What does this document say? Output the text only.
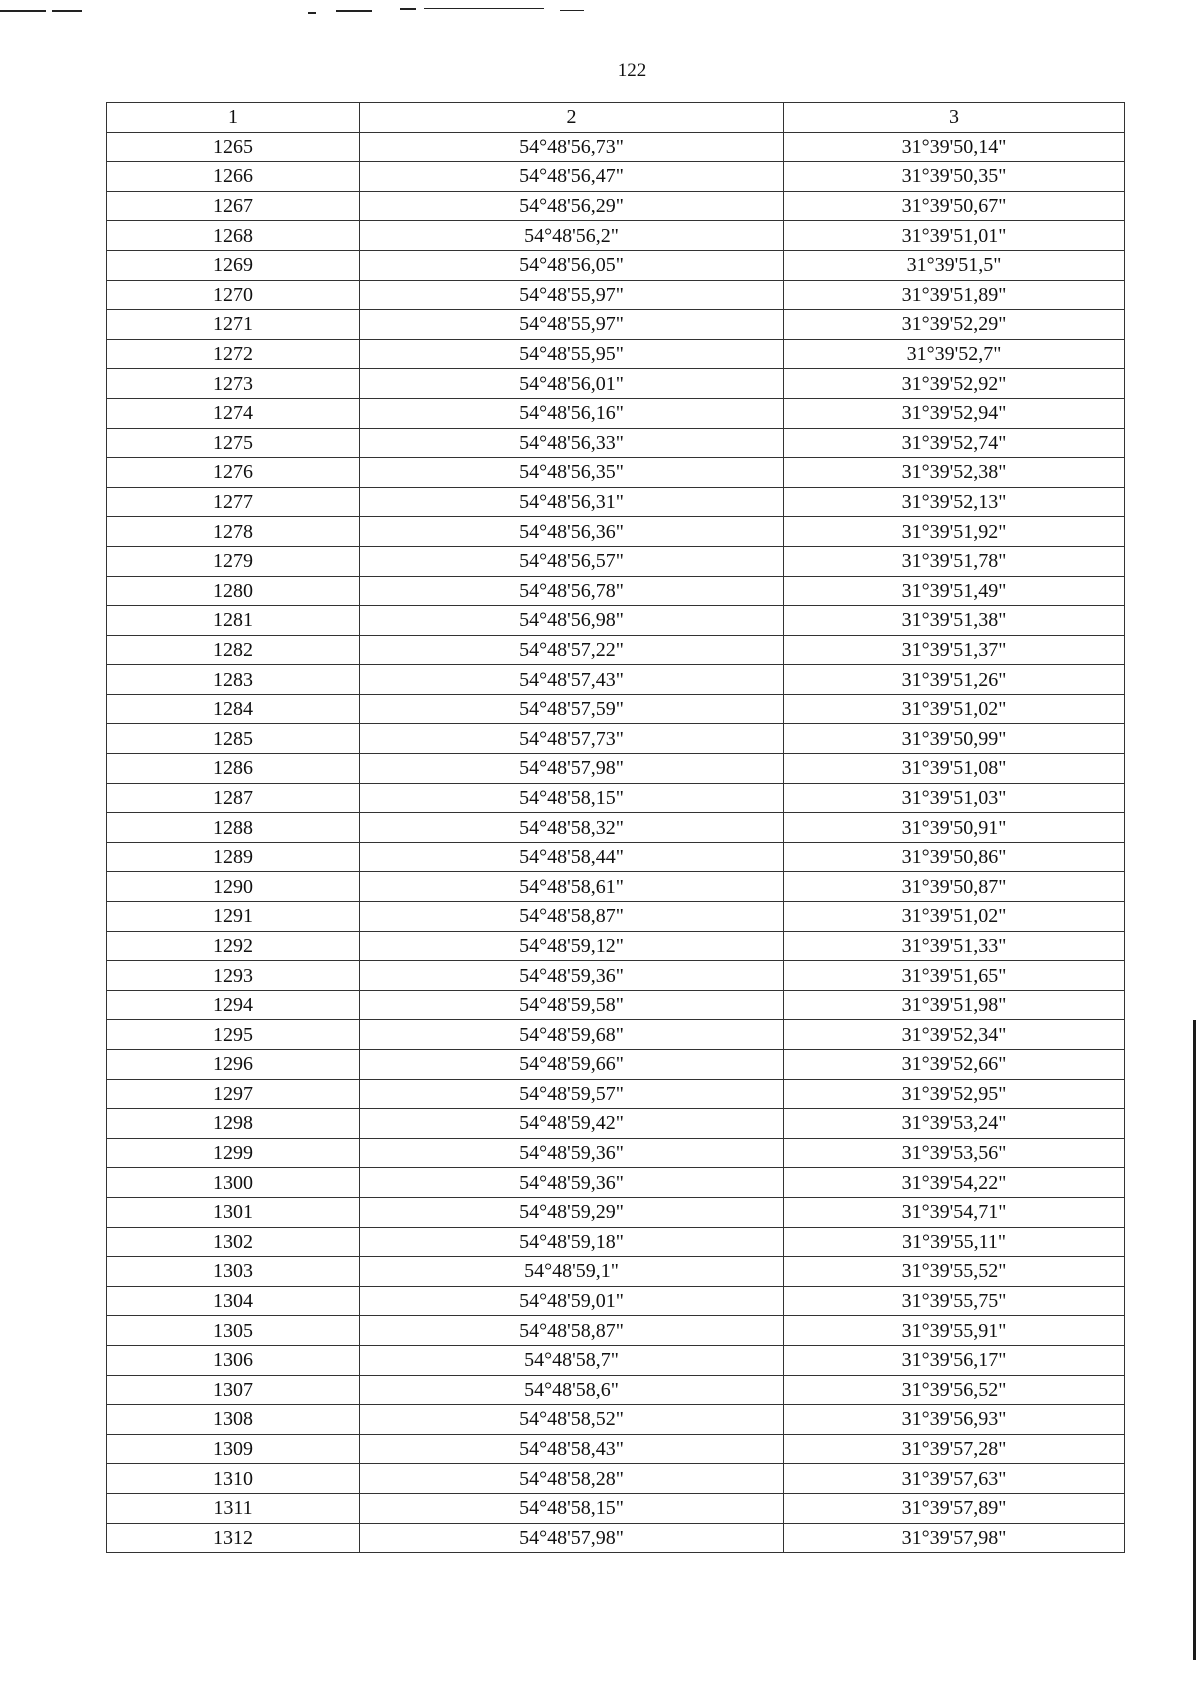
122
1	2	3
1265	54°48'56,73"	31°39'50,14"
1266	54°48'56,47"	31°39'50,35"
1267	54°48'56,29"	31°39'50,67"
1268	54°48'56,2"	31°39'51,01"
1269	54°48'56,05"	31°39'51,5"
1270	54°48'55,97"	31°39'51,89"
1271	54°48'55,97"	31°39'52,29"
1272	54°48'55,95"	31°39'52,7"
1273	54°48'56,01"	31°39'52,92"
1274	54°48'56,16"	31°39'52,94"
1275	54°48'56,33"	31°39'52,74"
1276	54°48'56,35"	31°39'52,38"
1277	54°48'56,31"	31°39'52,13"
1278	54°48'56,36"	31°39'51,92"
1279	54°48'56,57"	31°39'51,78"
1280	54°48'56,78"	31°39'51,49"
1281	54°48'56,98"	31°39'51,38"
1282	54°48'57,22"	31°39'51,37"
1283	54°48'57,43"	31°39'51,26"
1284	54°48'57,59"	31°39'51,02"
1285	54°48'57,73"	31°39'50,99"
1286	54°48'57,98"	31°39'51,08"
1287	54°48'58,15"	31°39'51,03"
1288	54°48'58,32"	31°39'50,91"
1289	54°48'58,44"	31°39'50,86"
1290	54°48'58,61"	31°39'50,87"
1291	54°48'58,87"	31°39'51,02"
1292	54°48'59,12"	31°39'51,33"
1293	54°48'59,36"	31°39'51,65"
1294	54°48'59,58"	31°39'51,98"
1295	54°48'59,68"	31°39'52,34"
1296	54°48'59,66"	31°39'52,66"
1297	54°48'59,57"	31°39'52,95"
1298	54°48'59,42"	31°39'53,24"
1299	54°48'59,36"	31°39'53,56"
1300	54°48'59,36"	31°39'54,22"
1301	54°48'59,29"	31°39'54,71"
1302	54°48'59,18"	31°39'55,11"
1303	54°48'59,1"	31°39'55,52"
1304	54°48'59,01"	31°39'55,75"
1305	54°48'58,87"	31°39'55,91"
1306	54°48'58,7"	31°39'56,17"
1307	54°48'58,6"	31°39'56,52"
1308	54°48'58,52"	31°39'56,93"
1309	54°48'58,43"	31°39'57,28"
1310	54°48'58,28"	31°39'57,63"
1311	54°48'58,15"	31°39'57,89"
1312	54°48'57,98"	31°39'57,98"
